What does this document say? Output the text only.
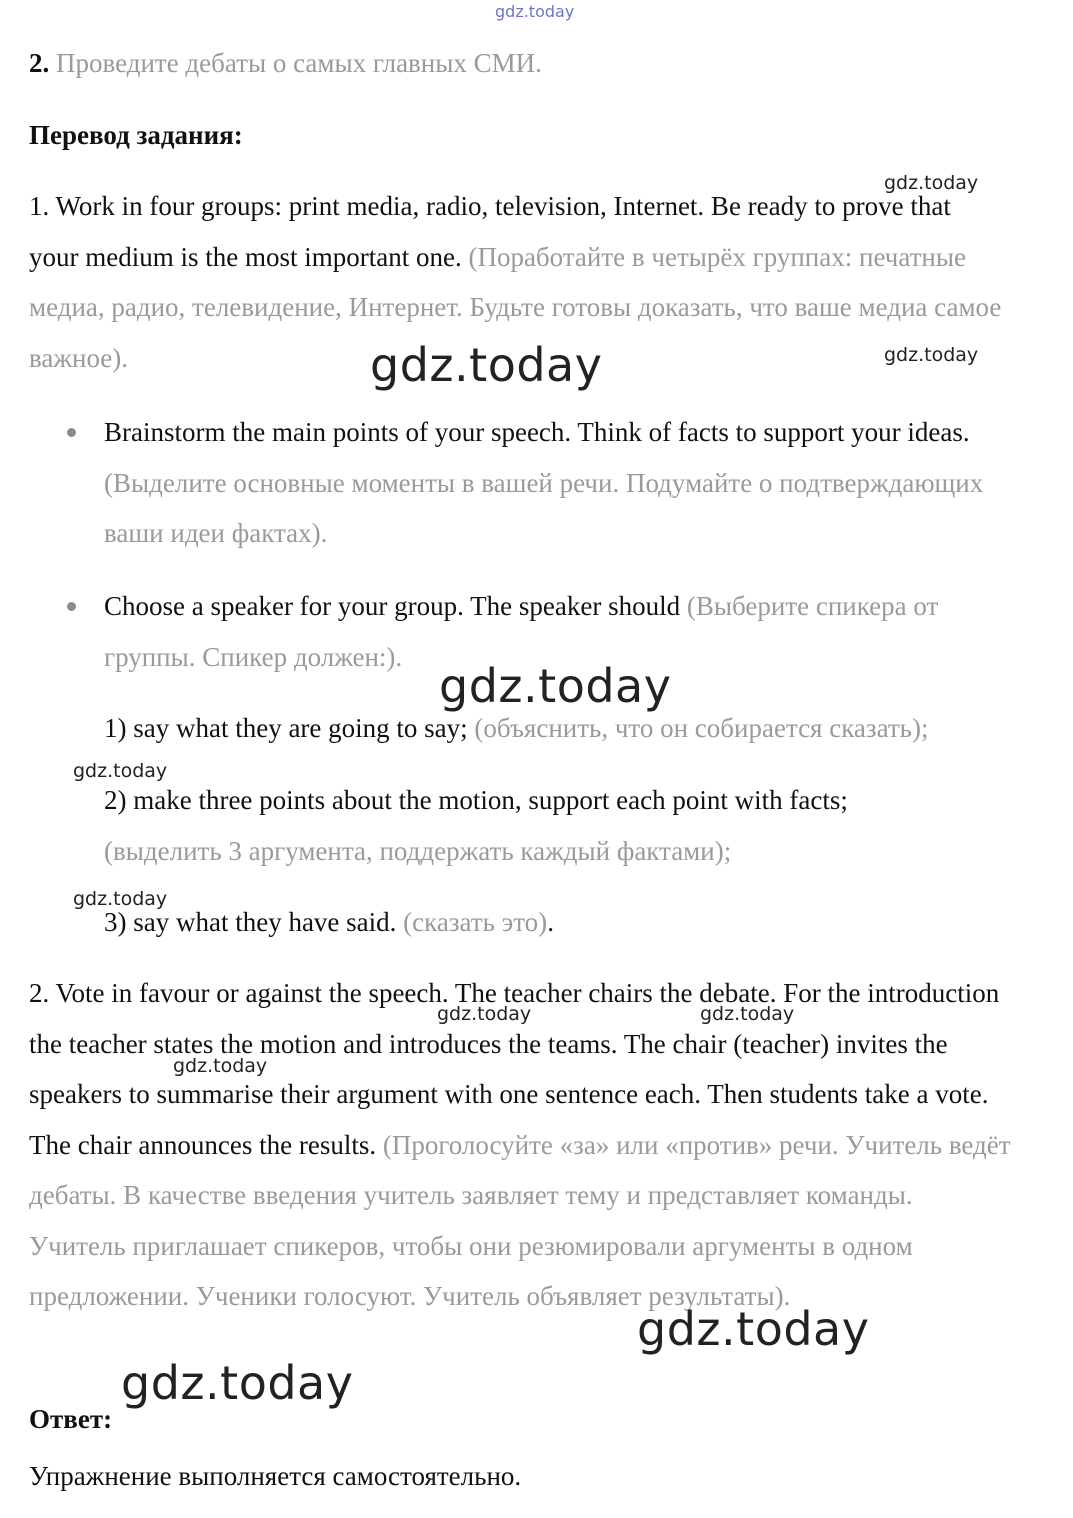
2. Проведите дебаты о самых главных СМИ.
Перевод задания:
1. Work in four groups: print media, radio, television, Internet. Be ready to prove that your medium is the most important one. (Поработайте в четырёх группах: печатные медиа, радио, телевидение, Интернет. Будьте готовы доказать, что ваше медиа самое важное).
Brainstorm the main points of your speech. Think of facts to support your ideas. (Выделите основные моменты в вашей речи. Подумайте о подтверждающих ваши идеи фактах).
Choose a speaker for your group. The speaker should (Выберите спикера от группы. Спикер должен:).
1) say what they are going to say; (объяснить, что он собирается сказать);
2) make three points about the motion, support each point with facts; (выделить 3 аргумента, поддержать каждый фактами);
3) say what they have said. (сказать это).
2. Vote in favour or against the speech. The teacher chairs the debate. For the introduction the teacher states the motion and introduces the teams. The chair (teacher) invites the speakers to summarise their argument with one sentence each. Then students take a vote. The chair announces the results. (Проголосуйте «за» или «против» речи. Учитель ведёт дебаты. В качестве введения учитель заявляет тему и представляет команды. Учитель приглашает спикеров, чтобы они резюмировали аргументы в одном предложении. Ученики голосуют. Учитель объявляет результаты).
Ответ:
Упражнение выполняется самостоятельно.
gdz.today
gdz.today
gdz.today
gdz.today
gdz.today
gdz.today
gdz.today
gdz.today	gdz.today
gdz.today
gdz.today
gdz.today
